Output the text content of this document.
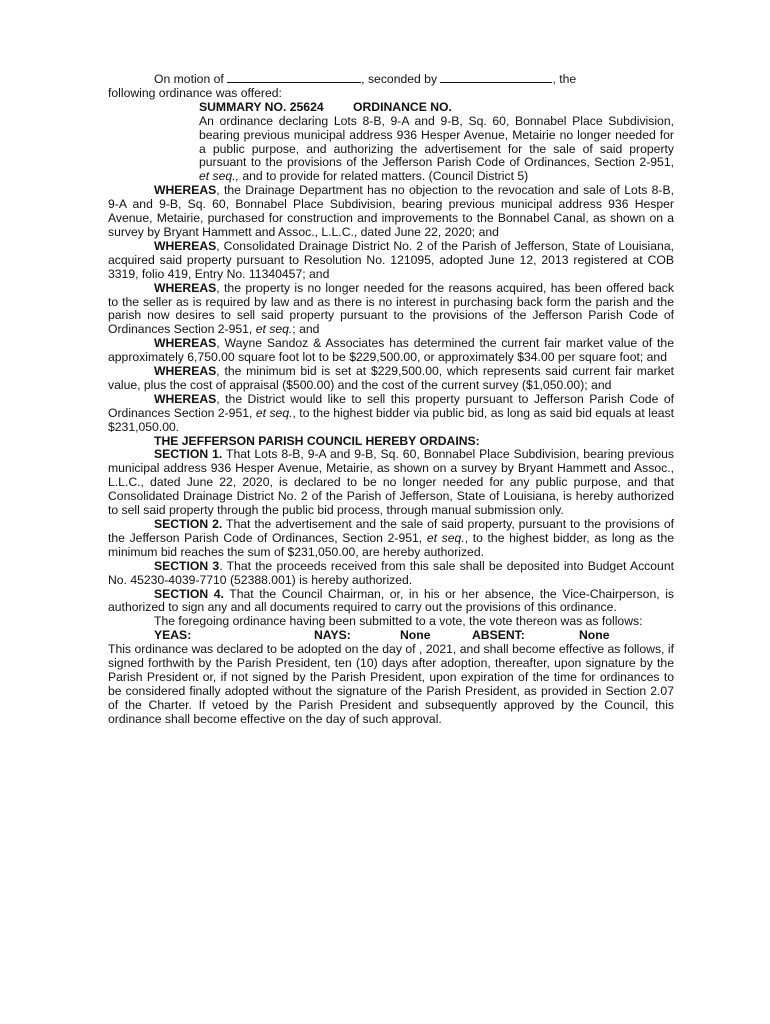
On motion of	, seconded by	, the

following ordinance was offered:

SUMMARY NO. 25624 ORDINANCE NO.

An ordinance declaring Lots 8-B, 9-A and 9-B, Sq. 60, Bonnabel Place Subdivision, bearing previous municipal address 936 Hesper Avenue, Metairie no longer needed for a public purpose, and authorizing the advertisement for the sale of said property pursuant to the provisions of the Jefferson Parish Code of Ordinances, Section 2-951, et seq., and to provide for related matters. (Council District 5)

WHEREAS, the Drainage Department has no objection to the revocation and sale of Lots 8-B, 9-A and 9-B, Sq. 60, Bonnabel Place Subdivision, bearing previous municipal address 936 Hesper Avenue, Metairie, purchased for construction and improvements to the Bonnabel Canal, as shown on a survey by Bryant Hammett and Assoc., L.L.C., dated June 22, 2020; and

WHEREAS, Consolidated Drainage District No. 2 of the Parish of Jefferson, State of Louisiana, acquired said property pursuant to Resolution No. 121095, adopted June 12, 2013 registered at COB 3319, folio 419, Entry No. 11340457; and

WHEREAS, the property is no longer needed for the reasons acquired, has been offered back to the seller as is required by law and as there is no interest in purchasing back form the parish and the parish now desires to sell said property pursuant to the provisions of the Jefferson Parish Code of Ordinances Section 2-951, et seq.; and

WHEREAS, Wayne Sandoz & Associates has determined the current fair market value of the approximately 6,750.00 square foot lot to be $229,500.00, or approximately $34.00 per square foot; and

WHEREAS, the minimum bid is set at $229,500.00, which represents said current fair market value, plus the cost of appraisal ($500.00) and the cost of the current survey ($1,050.00); and

WHEREAS, the District would like to sell this property pursuant to Jefferson Parish Code of Ordinances Section 2-951, et seq., to the highest bidder via public bid, as long as said bid equals at least $231,050.00.

THE JEFFERSON PARISH COUNCIL HEREBY ORDAINS:

SECTION 1. That Lots 8-B, 9-A and 9-B, Sq. 60, Bonnabel Place Subdivision, bearing previous municipal address 936 Hesper Avenue, Metairie, as shown on a survey by Bryant Hammett and Assoc., L.L.C., dated June 22, 2020, is declared to be no longer needed for any public purpose, and that Consolidated Drainage District No. 2 of the Parish of Jefferson, State of Louisiana, is hereby authorized to sell said property through the public bid process, through manual submission only.

SECTION 2. That the advertisement and the sale of said property, pursuant to the provisions of the Jefferson Parish Code of Ordinances, Section 2-951, et seq., to the highest bidder, as long as the minimum bid reaches the sum of $231,050.00, are hereby authorized.

SECTION 3. That the proceeds received from this sale shall be deposited into Budget Account No. 45230-4039-7710 (52388.001) is hereby authorized.

SECTION 4. That the Council Chairman, or, in his or her absence, the Vice-Chairperson, is authorized to sign any and all documents required to carry out the provisions of this ordinance.

The foregoing ordinance having been submitted to a vote, the vote thereon was as follows:

YEAS:	NAYS:	None	ABSENT:	None

This ordinance was declared to be adopted on the day of , 2021, and shall become effective as follows, if signed forthwith by the Parish President, ten (10) days after adoption, thereafter, upon signature by the Parish President or, if not signed by the Parish President, upon expiration of the time for ordinances to be considered finally adopted without the signature of the Parish President, as provided in Section 2.07 of the Charter. If vetoed by the Parish President and subsequently approved by the Council, this ordinance shall become effective on the day of such approval.
